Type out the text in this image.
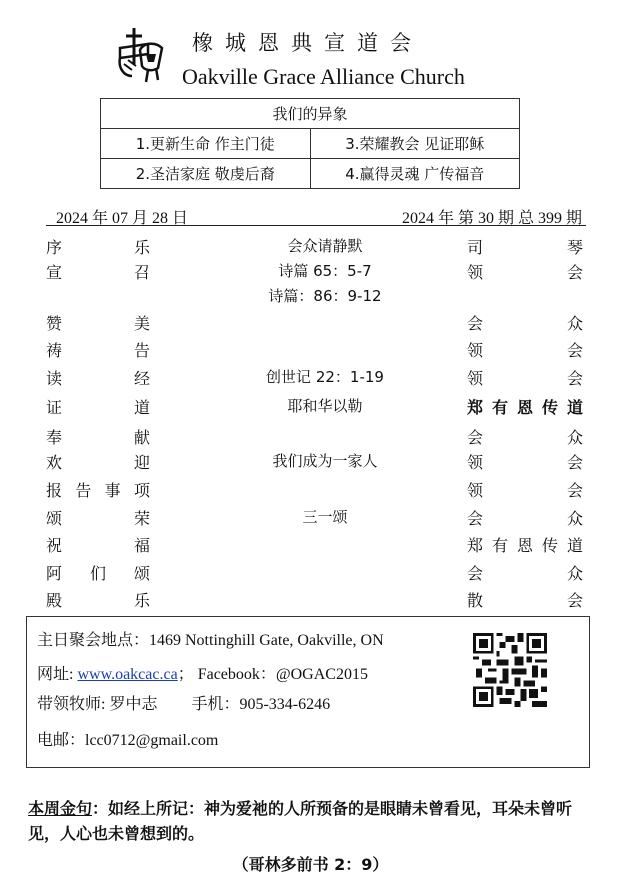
橡城恩典宣道会
Oakville Grace Alliance Church
我们的异象	
1.更新生命 作主门徒	3.荣耀教会 见证耶稣
2.圣洁家庭 敬虔后裔	4.赢得灵魂 广传福音
2024 年 07 月 28 日	2024 年 第 30 期 总 399 期
序	乐	会众请静默	司	琴
宣	召	诗篇 65：5-7	领	会
诗篇：86：9-12
赞	美	会	众
祷	告	领	会
读	经	创世记 22：1-19	领	会
证	道	耶和华以勒	郑 有 恩 传 道
奉	献	会	众
欢	迎	我们成为一家人	领	会
报 告 事 项	领	会
颂	荣	三一颂	会	众
祝	福	郑 有 恩 传 道
阿 们 颂	会	众
殿	乐	散	会
主日聚会地点：1469 Nottinghill Gate, Oakville, ON
网址: www.oakcac.ca； Facebook：@OGAC2015
带领牧师: 罗中志 手机：905-334-6246
电邮：lcc0712@gmail.com
本周金句：如经上所记：神为爱祂的人所预备的是眼睛未曾看见，耳朵未曾听见，人心也未曾想到的。
（哥林多前书 2：9）
